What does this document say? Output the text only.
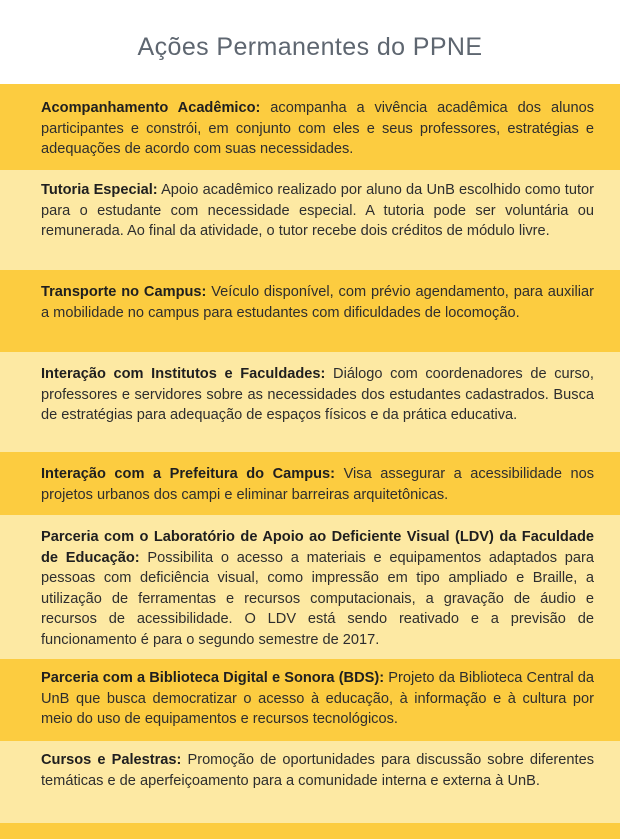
Ações Permanentes do PPNE
Acompanhamento Acadêmico: acompanha a vivência acadêmica dos alunos participantes e constrói, em conjunto com eles e seus professores, estratégias e adequações de acordo com suas necessidades.
Tutoria Especial: Apoio acadêmico realizado por aluno da UnB escolhido como tutor para o estudante com necessidade especial. A tutoria pode ser voluntária ou remunerada. Ao final da atividade, o tutor recebe dois créditos de módulo livre.
Transporte no Campus: Veículo disponível, com prévio agendamento, para auxiliar a mobilidade no campus para estudantes com dificuldades de locomoção.
Interação com Institutos e Faculdades: Diálogo com coordenadores de curso, professores e servidores sobre as necessidades dos estudantes cadastrados. Busca de estratégias para adequação de espaços físicos e da prática educativa.
Interação com a Prefeitura do Campus: Visa assegurar a acessibilidade nos projetos urbanos dos campi e eliminar barreiras arquitetônicas.
Parceria com o Laboratório de Apoio ao Deficiente Visual (LDV) da Faculdade de Educação: Possibilita o acesso a materiais e equipamentos adaptados para pessoas com deficiência visual, como impressão em tipo ampliado e Braille, a utilização de ferramentas e recursos computacionais, a gravação de áudio e recursos de acessibilidade. O LDV está sendo reativado e a previsão de funcionamento é para o segundo semestre de 2017.
Parceria com a Biblioteca Digital e Sonora (BDS): Projeto da Biblioteca Central da UnB que busca democratizar o acesso à educação, à informação e à cultura por meio do uso de equipamentos e recursos tecnológicos.
Cursos e Palestras: Promoção de oportunidades para discussão sobre diferentes temáticas e de aperfeiçoamento para a comunidade interna e externa à UnB.
